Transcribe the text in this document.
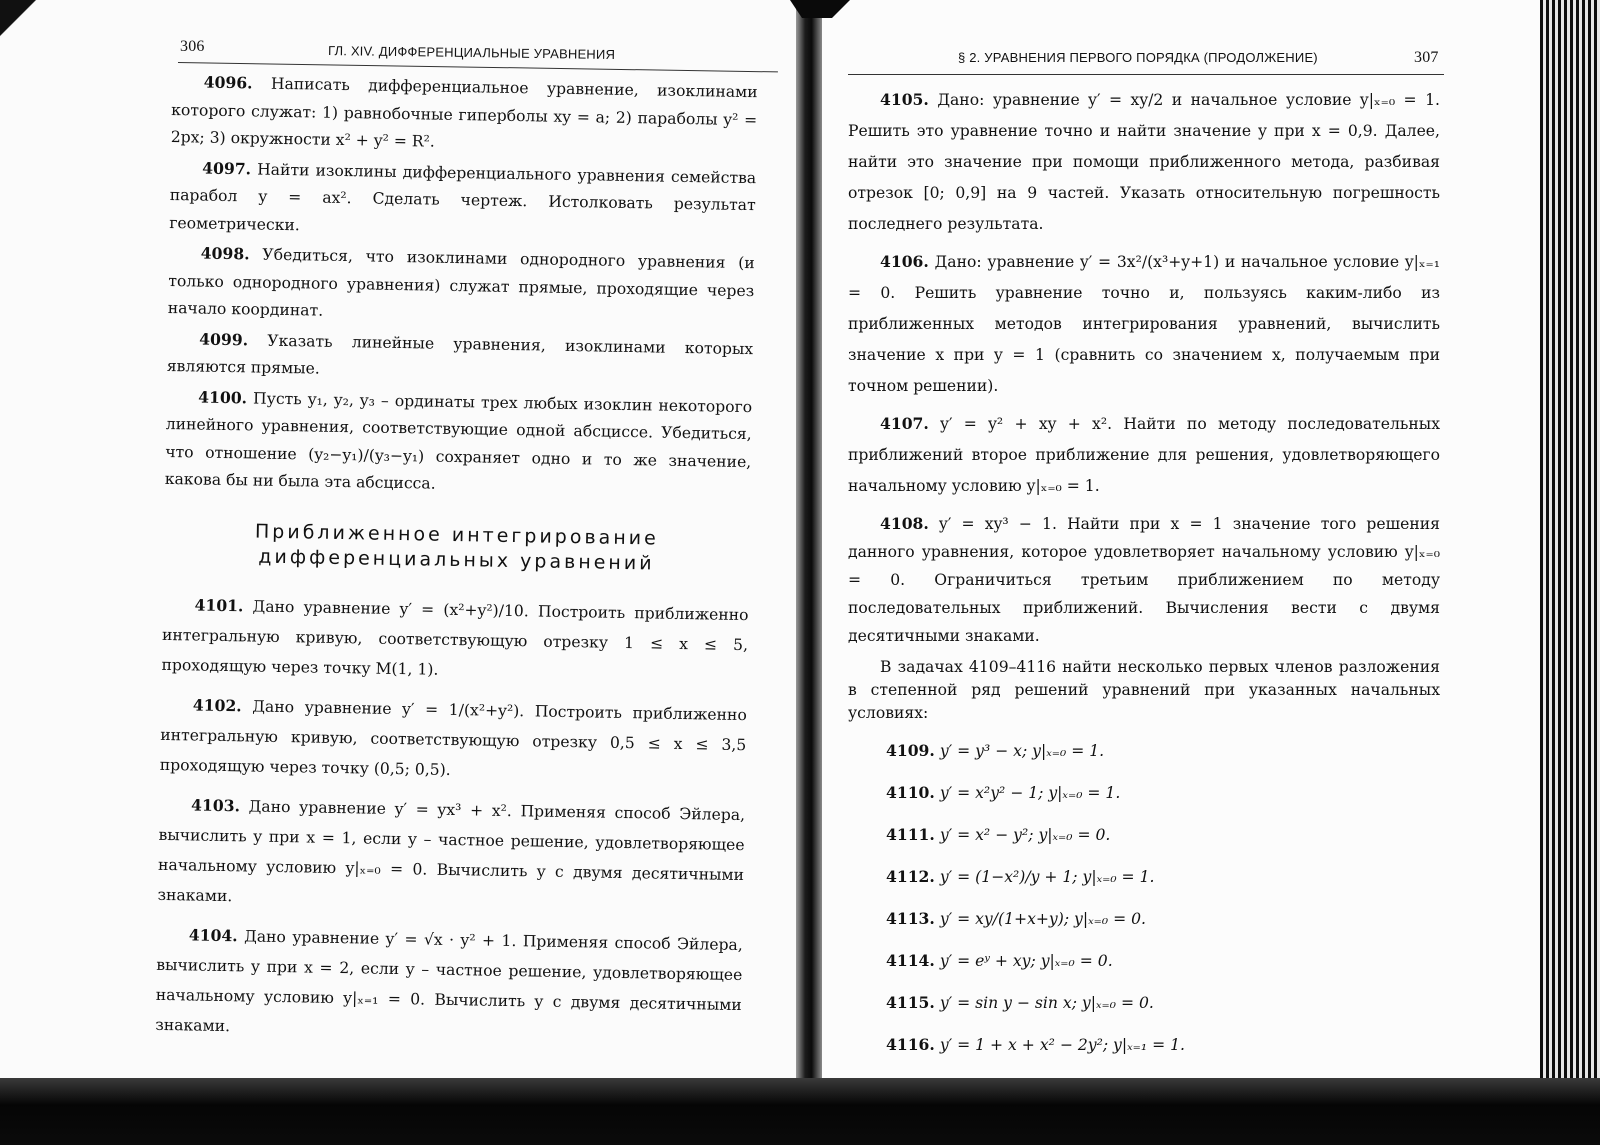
306	ГЛ. XIV. ДИФФЕРЕНЦИАЛЬНЫЕ УРАВНЕНИЯ

4096. Написать дифференциальное уравнение, изоклинами которого служат: 1) равнобочные гиперболы xy = a; 2) параболы y² = 2px; 3) окружности x² + y² = R².

4097. Найти изоклины дифференциального уравнения семейства парабол y = ax². Сделать чертеж. Истолковать результат геометрически.

4098. Убедиться, что изоклинами однородного уравнения (и только однородного уравнения) служат прямые, проходящие через начало координат.

4099. Указать линейные уравнения, изоклинами которых являются прямые.

4100. Пусть y₁, y₂, y₃ – ординаты трех любых изоклин некоторого линейного уравнения, соответствующие одной абсциссе. Убедиться, что отношение (y₂−y₁)/(y₃−y₁) сохраняет одно и то же значение, какова бы ни была эта абсцисса.

Приближенное интегрирование
дифференциальных уравнений

4101. Дано уравнение y′ = (x²+y²)/10. Построить приближенно интегральную кривую, соответствующую отрезку 1 ≤ x ≤ 5, проходящую через точку M(1, 1).

4102. Дано уравнение y′ = 1/(x²+y²). Построить приближенно интегральную кривую, соответствующую отрезку 0,5 ≤ x ≤ 3,5 проходящую через точку (0,5; 0,5).

4103. Дано уравнение y′ = yx³ + x². Применяя способ Эйлера, вычислить y при x = 1, если y – частное решение, удовлетворяющее начальному условию y|ₓ₌₀ = 0. Вычислить y с двумя десятичными знаками.

4104. Дано уравнение y′ = √x · y² + 1. Применяя способ Эйлера, вычислить y при x = 2, если y – частное решение, удовлетворяющее начальному условию y|ₓ₌₁ = 0. Вычислить y с двумя десятичными знаками.

§ 2. УРАВНЕНИЯ ПЕРВОГО ПОРЯДКА (ПРОДОЛЖЕНИЕ)	307

4105. Дано: уравнение y′ = xy/2 и начальное условие y|ₓ₌₀ = 1. Решить это уравнение точно и найти значение y при x = 0,9. Далее, найти это значение при помощи приближенного метода, разбивая отрезок [0; 0,9] на 9 частей. Указать относительную погрешность последнего результата.

4106. Дано: уравнение y′ = 3x²/(x³+y+1) и начальное условие y|ₓ₌₁ = 0. Решить уравнение точно и, пользуясь каким-либо из приближенных методов интегрирования уравнений, вычислить значение x при y = 1 (сравнить со значением x, получаемым при точном решении).

4107. y′ = y² + xy + x². Найти по методу последовательных приближений второе приближение для решения, удовлетворяющего начальному условию y|ₓ₌₀ = 1.

4108. y′ = xy³ − 1. Найти при x = 1 значение того решения данного уравнения, которое удовлетворяет начальному условию y|ₓ₌₀ = 0. Ограничиться третьим приближением по методу последовательных приближений. Вычисления вести с двумя десятичными знаками.

В задачах 4109–4116 найти несколько первых членов разложения в степенной ряд решений уравнений при указанных начальных условиях:

4109. y′ = y³ − x; y|ₓ₌₀ = 1.

4110. y′ = x²y² − 1; y|ₓ₌₀ = 1.

4111. y′ = x² − y²; y|ₓ₌₀ = 0.

4112. y′ = (1−x²)/y + 1; y|ₓ₌₀ = 1.

4113. y′ = xy/(1+x+y); y|ₓ₌₀ = 0.

4114. y′ = eʸ + xy; y|ₓ₌₀ = 0.

4115. y′ = sin y − sin x; y|ₓ₌₀ = 0.

4116. y′ = 1 + x + x² − 2y²; y|ₓ₌₁ = 1.
